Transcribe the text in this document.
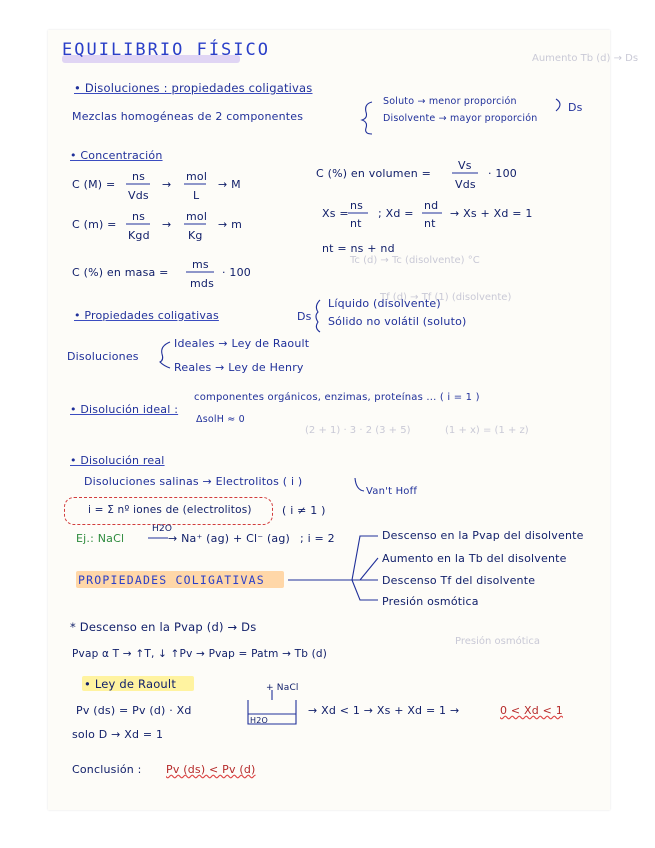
Aumento Tb (d) → Ds
Tc (d) → Tc (disolvente) °C
Tf (d) → Tf (1) (disolvente)
(2 + 1) · 3 · 2 (3 + 5)	(1 + x) = (1 + z)
Presión osmótica
EQUILIBRIO FÍSICO
• Disoluciones : propiedades coligativas
Mezclas homogéneas de 2 componentes
Soluto → menor proporción
Disolvente → mayor proporción
Ds
• Concentración
C (M) =
ns
Vds
→
mol
L
→ M
C (m) =
ns
Kgd
→
mol
Kg
→ m
C (%) en masa =
ms
mds
· 100
C (%) en volumen =
Vs
Vds
· 100
Xs =
ns
nt
; Xd =
nd
nt
→ Xs + Xd = 1
nt = ns + nd
• Propiedades coligativas	Ds
Líquido (disolvente)
Sólido no volátil (soluto)
Disoluciones
Ideales → Ley de Raoult
Reales → Ley de Henry
• Disolución ideal :
componentes orgánicos, enzimas, proteínas ... ( i = 1 )
ΔsolH ≈ 0
• Disolución real
Disoluciones salinas → Electrolitos ( i )
Van't Hoff
i = Σ nº iones de (electrolitos)	( i ≠ 1 )
Ej.: NaCl
H2O
→ Na⁺ (ag) + Cl⁻ (ag) ; i = 2
PROPIEDADES COLIGATIVAS
Descenso en la Pvap del disolvente
Aumento en la Tb del disolvente
Descenso Tf del disolvente
Presión osmótica
* Descenso en la Pvap (d) → Ds
Pvap α T → ↑T, ↓ ↑Pv → Pvap = Patm → Tb (d)
• Ley de Raoult
Pv (ds) = Pv (d) · Xd
+ NaCl
H2O
→ Xd < 1 → Xs + Xd = 1 →	0 < Xd < 1
solo D → Xd = 1
Conclusión : Pv (ds) < Pv (d)
